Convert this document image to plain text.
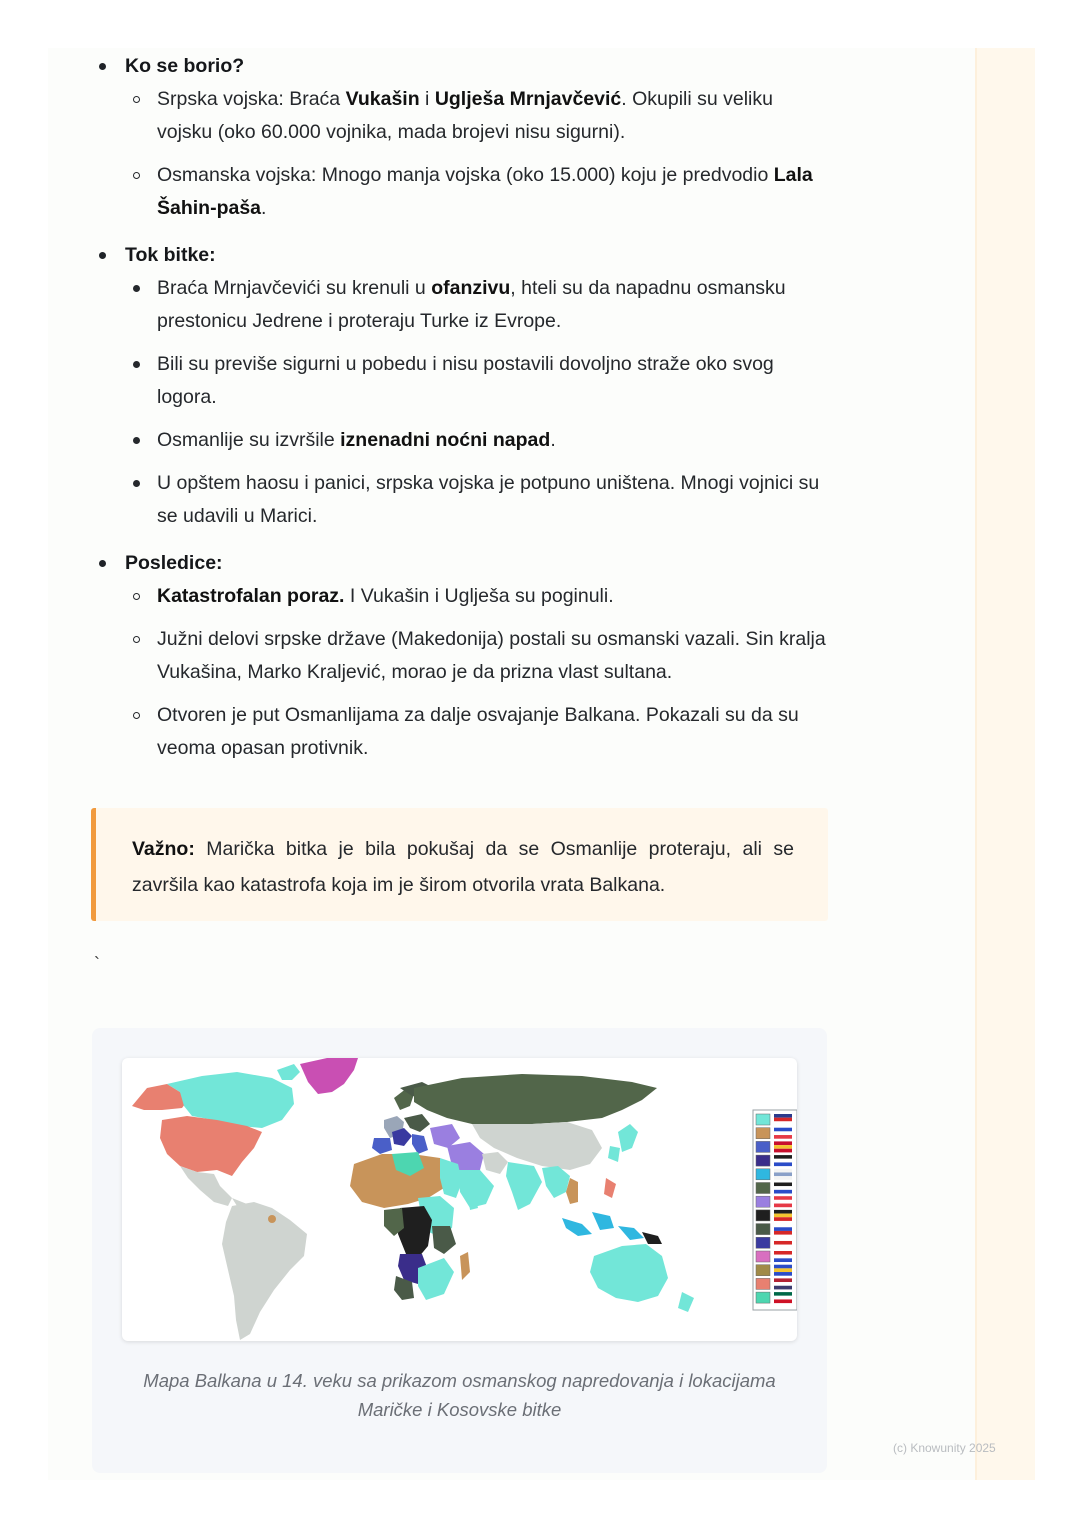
Ko se borio?
Srpska vojska: Braća Vukašin i Uglješa Mrnjavčević. Okupili su veliku vojsku (oko 60.000 vojnika, mada brojevi nisu sigurni).
Osmanska vojska: Mnogo manja vojska (oko 15.000) koju je predvodio Lala Šahin-paša.
Tok bitke:
Braća Mrnjavčevići su krenuli u ofanzivu, hteli su da napadnu osmansku prestonicu Jedrene i proteraju Turke iz Evrope.
Bili su previše sigurni u pobedu i nisu postavili dovoljno straže oko svog logora.
Osmanlije su izvršile iznenadni noćni napad.
U opštem haosu i panici, srpska vojska je potpuno uništena. Mnogi vojnici su se udavili u Marici.
Posledice:
Katastrofalan poraz. I Vukašin i Uglješa su poginuli.
Južni delovi srpske države (Makedonija) postali su osmanski vazali. Sin kralja Vukašina, Marko Kraljević, morao je da prizna vlast sultana.
Otvoren je put Osmanlijama za dalje osvajanje Balkana. Pokazali su da su veoma opasan protivnik.
Važno: Marička bitka je bila pokušaj da se Osmanlije proteraju, ali se završila kao katastrofa koja im je širom otvorila vrata Balkana.
`
Mapa Balkana u 14. veku sa prikazom osmanskog napredovanja i lokacijama Maričke i Kosovske bitke
(c) Knowunity 2025
